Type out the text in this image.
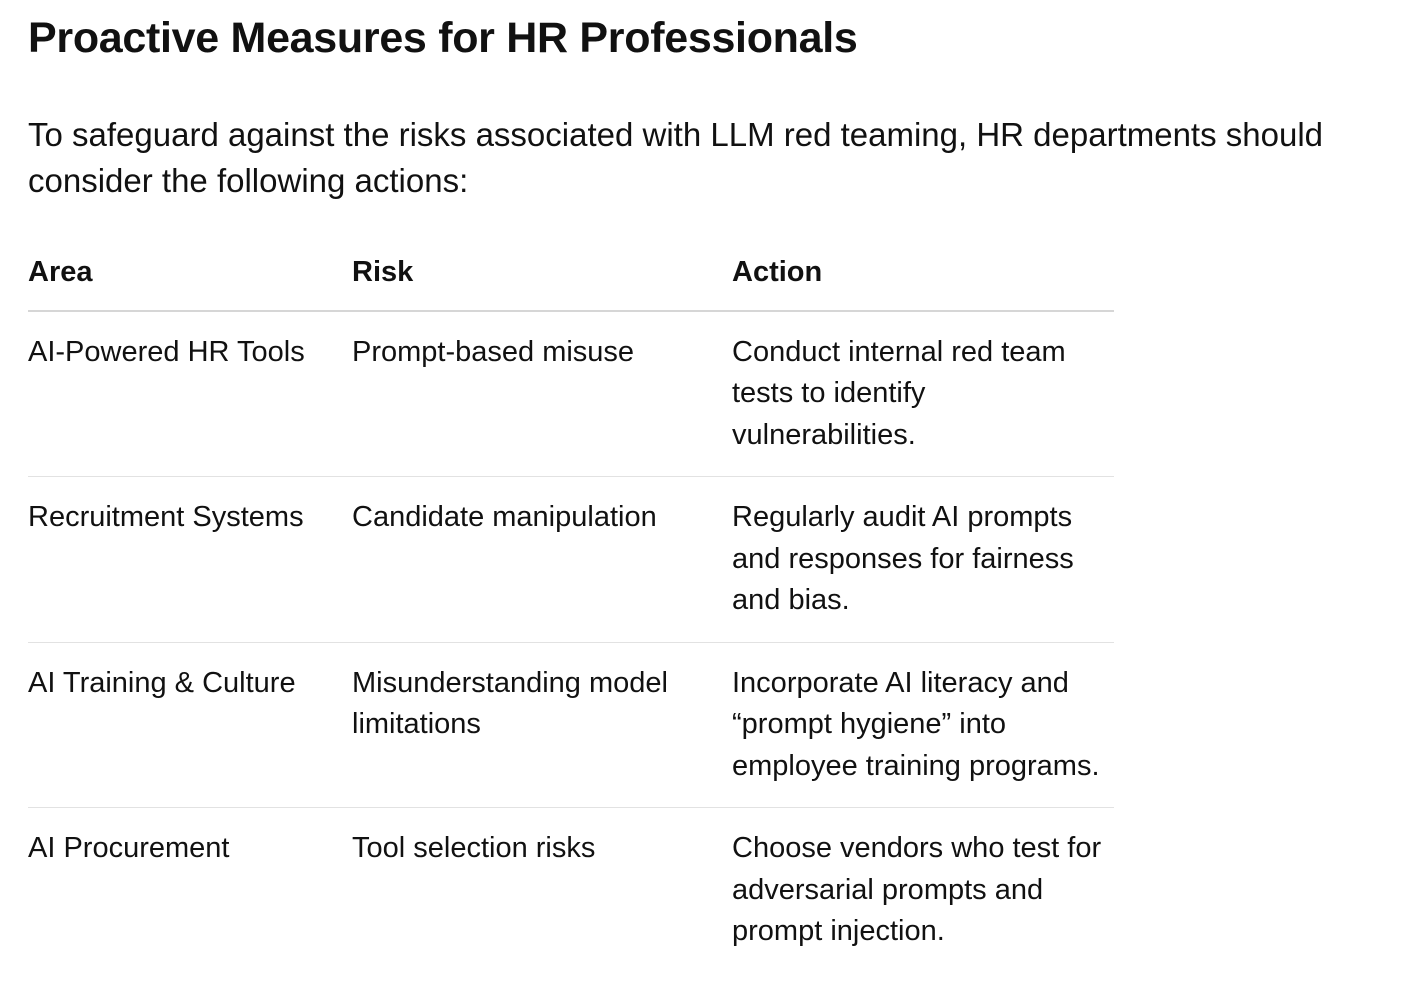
Proactive Measures for HR Professionals

To safeguard against the risks associated with LLM red teaming, HR departments should consider the following actions:

Area	Risk	Action
AI-Powered HR Tools	Prompt-based misuse	Conduct internal red team tests to identify vulnerabilities.
Recruitment Systems	Candidate manipulation	Regularly audit AI prompts and responses for fairness and bias.
AI Training & Culture	Misunderstanding model limitations	Incorporate AI literacy and “prompt hygiene” into employee training programs.
AI Procurement	Tool selection risks	Choose vendors who test for adversarial prompts and prompt injection.
